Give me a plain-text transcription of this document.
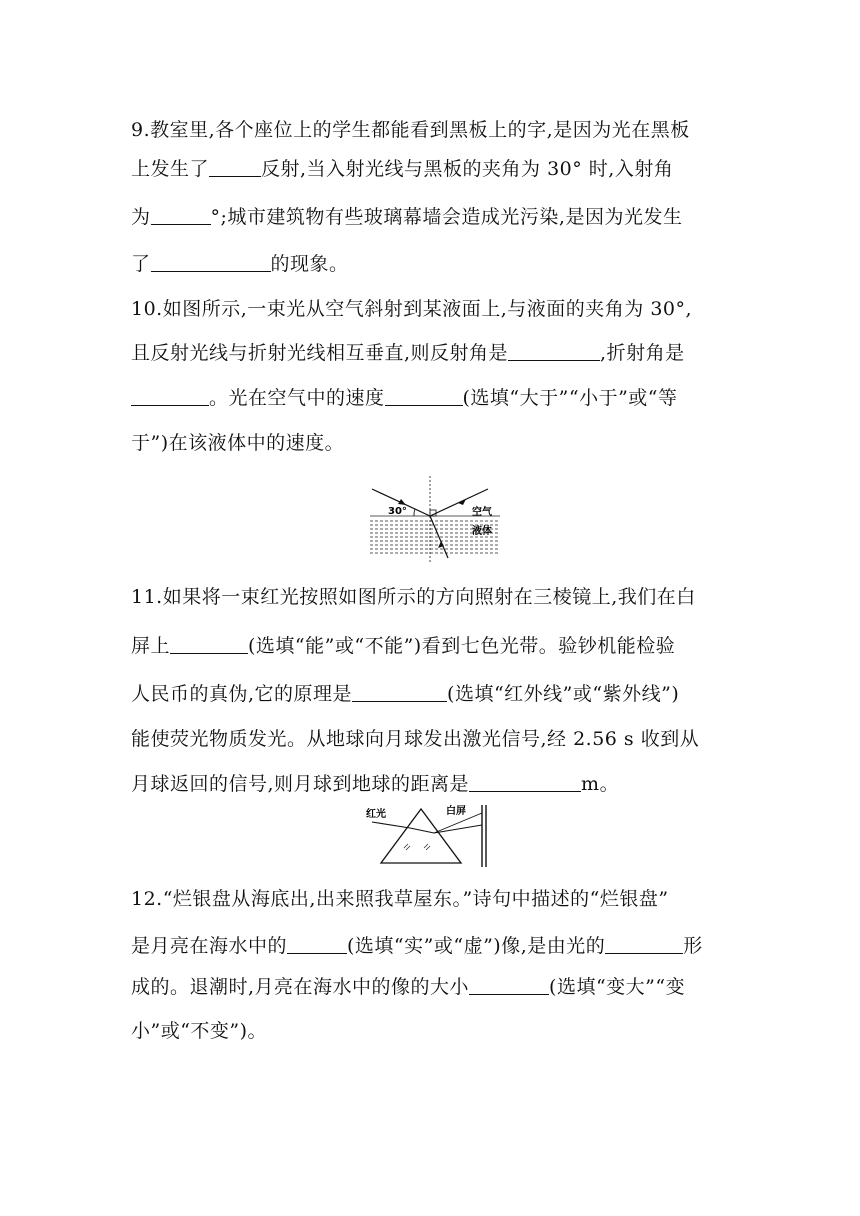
9.教室里,各个座位上的学生都能看到黑板上的字,是因为光在黑板
上发生了	反射,当入射光线与黑板的夹角为 30° 时,入射角
为	°;城市建筑物有些玻璃幕墙会造成光污染,是因为光发生
了	的现象。
10.如图所示,一束光从空气斜射到某液面上,与液面的夹角为 30°,
且反射光线与折射光线相互垂直,则反射角是	,折射角是
。光在空气中的速度	(选填“大于”“小于”或“等
于”)在该液体中的速度。
30°	空气
液体
11.如果将一束红光按照如图所示的方向照射在三棱镜上,我们在白
屏上	(选填“能”或“不能”)看到七色光带。验钞机能检验
人民币的真伪,它的原理是	(选填“红外线”或“紫外线”)
能使荧光物质发光。从地球向月球发出激光信号,经 2.56 s 收到从
月球返回的信号,则月球到地球的距离是	m。
红光	白屏
12.“烂银盘从海底出,出来照我草屋东。”诗句中描述的“烂银盘”
是月亮在海水中的	(选填“实”或“虚”)像,是由光的	形
成的。退潮时,月亮在海水中的像的大小	(选填“变大”“变
小”或“不变”)。
